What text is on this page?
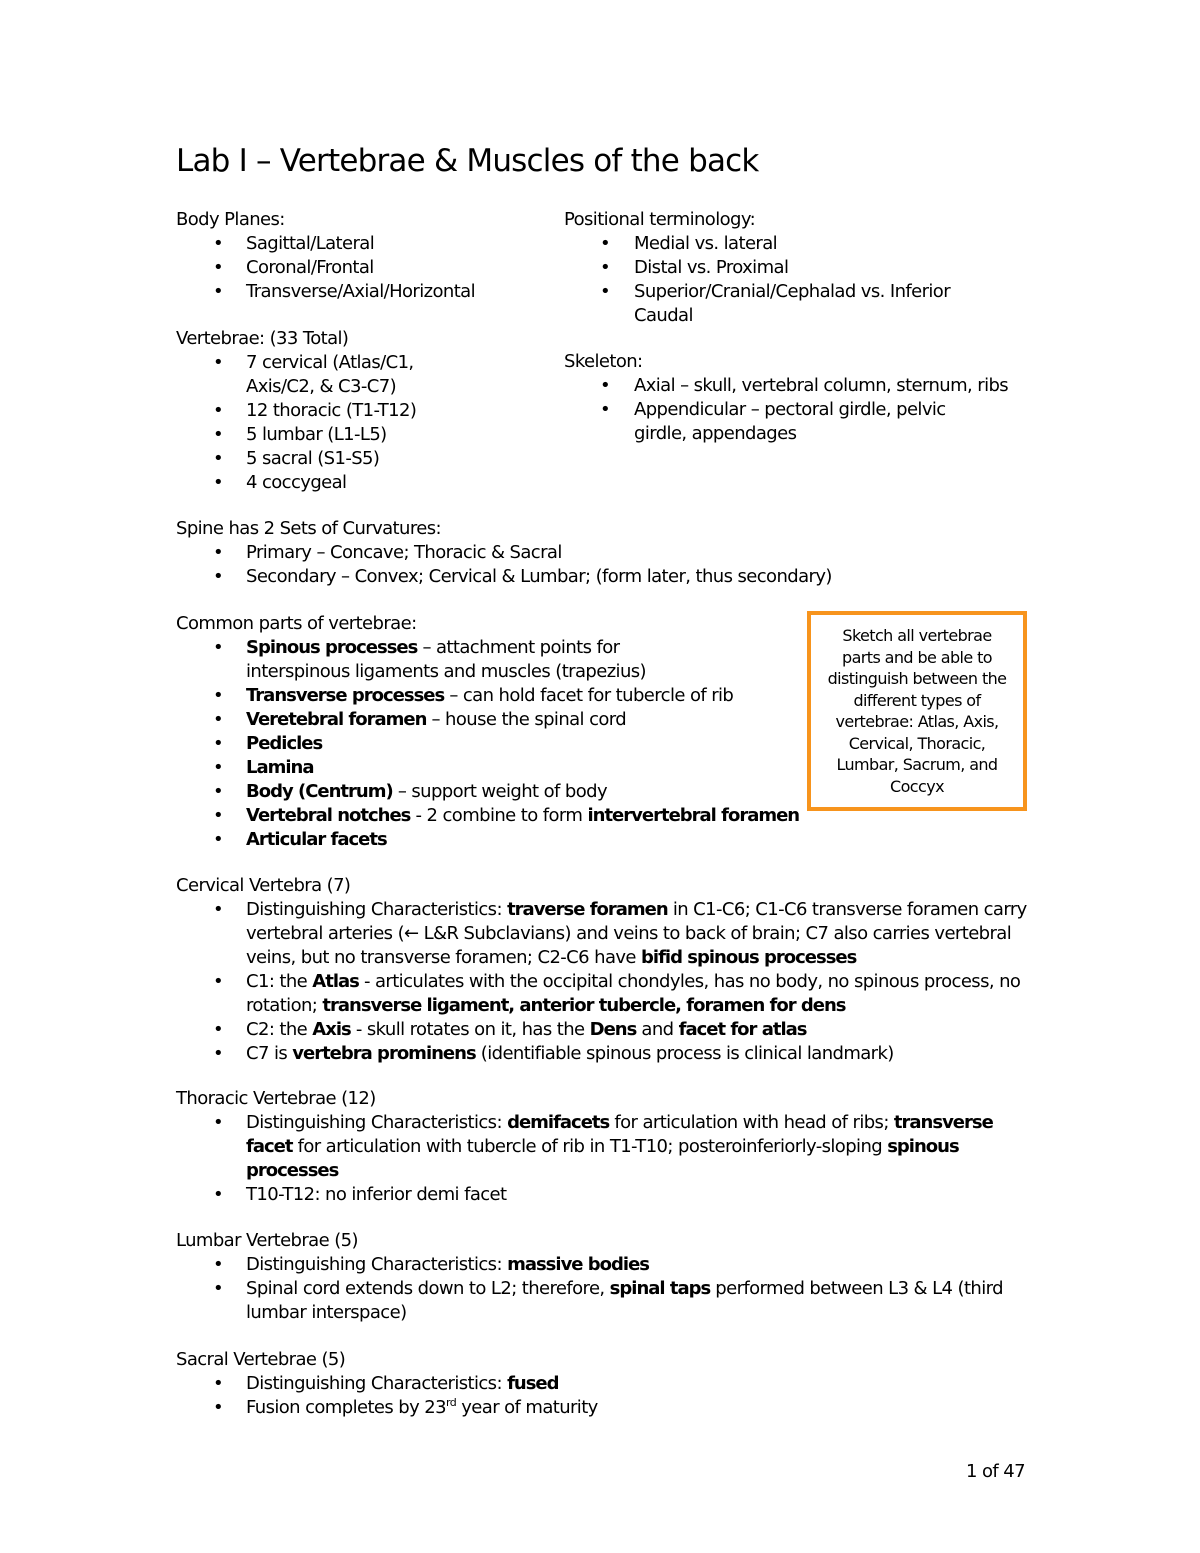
Lab I – Vertebrae & Muscles of the back

Body Planes:

• Sagittal/Lateral
• Coronal/Frontal
• Transverse/Axial/Horizontal

Positional terminology:

• Medial vs. lateral
• Distal vs. Proximal
• Superior/Cranial/Cephalad vs. Inferior Caudal

Vertebrae: (33 Total)

• 7 cervical (Atlas/C1, Axis/C2, & C3-C7)
• 12 thoracic (T1-T12)
• 5 lumbar (L1-L5)
• 5 sacral (S1-S5)
• 4 coccygeal

Skeleton:

• Axial – skull, vertebral column, sternum, ribs
• Appendicular – pectoral girdle, pelvic girdle, appendages

Spine has 2 Sets of Curvatures:

• Primary – Concave; Thoracic & Sacral
• Secondary – Convex; Cervical & Lumbar; (form later, thus secondary)

Common parts of vertebrae:

• Spinous processes – attachment points for interspinous ligaments and muscles (trapezius)
• Transverse processes – can hold facet for tubercle of rib
• Veretebral foramen – house the spinal cord
• Pedicles
• Lamina
• Body (Centrum) – support weight of body
• Vertebral notches - 2 combine to form intervertebral foramen
• Articular facets
Sketch all vertebrae parts and be able to distinguish between the different types of vertebrae: Atlas, Axis, Cervical, Thoracic, Lumbar, Sacrum, and Coccyx

Cervical Vertebra (7)

• Distinguishing Characteristics: traverse foramen in C1-C6; C1-C6 transverse foramen carry vertebral arteries (← L&R Subclavians) and veins to back of brain; C7 also carries vertebral veins, but no transverse foramen; C2-C6 have bifid spinous processes
• C1: the Atlas - articulates with the occipital chondyles, has no body, no spinous process, no rotation; transverse ligament, anterior tubercle, foramen for dens
• C2: the Axis - skull rotates on it, has the Dens and facet for atlas
• C7 is vertebra prominens (identifiable spinous process is clinical landmark)

Thoracic Vertebrae (12)

• Distinguishing Characteristics: demifacets for articulation with head of ribs; transverse facet for articulation with tubercle of rib in T1-T10; posteroinferiorly-sloping spinous processes
• T10-T12: no inferior demi facet

Lumbar Vertebrae (5)

• Distinguishing Characteristics: massive bodies
• Spinal cord extends down to L2; therefore, spinal taps performed between L3 & L4 (third lumbar interspace)

Sacral Vertebrae (5)

• Distinguishing Characteristics: fused
• Fusion completes by 23rd year of maturity
1 of 47
